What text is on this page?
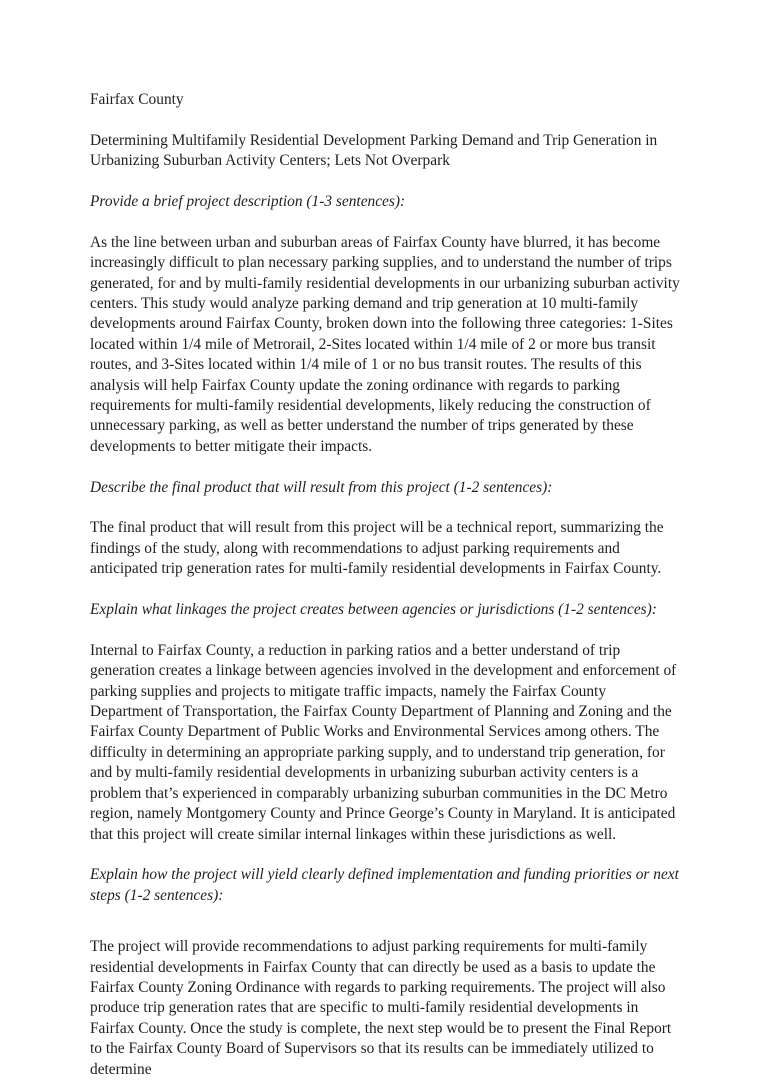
Fairfax County

Determining Multifamily Residential Development Parking Demand and Trip Generation in Urbanizing Suburban Activity Centers; Lets Not Overpark

Provide a brief project description (1-3 sentences):

As the line between urban and suburban areas of Fairfax County have blurred, it has become increasingly difficult to plan necessary parking supplies, and to understand the number of trips generated, for and by multi-family residential developments in our urbanizing suburban activity centers. This study would analyze parking demand and trip generation at 10 multi-family developments around Fairfax County, broken down into the following three categories: 1-Sites located within 1/4 mile of Metrorail, 2-Sites located within 1/4 mile of 2 or more bus transit routes, and 3-Sites located within 1/4 mile of 1 or no bus transit routes. The results of this analysis will help Fairfax County update the zoning ordinance with regards to parking requirements for multi-family residential developments, likely reducing the construction of unnecessary parking, as well as better understand the number of trips generated by these developments to better mitigate their impacts.

Describe the final product that will result from this project (1-2 sentences):

The final product that will result from this project will be a technical report, summarizing the findings of the study, along with recommendations to adjust parking requirements and anticipated trip generation rates for multi-family residential developments in Fairfax County.

Explain what linkages the project creates between agencies or jurisdictions (1-2 sentences):

Internal to Fairfax County, a reduction in parking ratios and a better understand of trip generation creates a linkage between agencies involved in the development and enforcement of parking supplies and projects to mitigate traffic impacts, namely the Fairfax County Department of Transportation, the Fairfax County Department of Planning and Zoning and the Fairfax County Department of Public Works and Environmental Services among others. The difficulty in determining an appropriate parking supply, and to understand trip generation, for and by multi-family residential developments in urbanizing suburban activity centers is a problem that’s experienced in comparably urbanizing suburban communities in the DC Metro region, namely Montgomery County and Prince George’s County in Maryland. It is anticipated that this project will create similar internal linkages within these jurisdictions as well.

Explain how the project will yield clearly defined implementation and funding priorities or next steps (1-2 sentences):

The project will provide recommendations to adjust parking requirements for multi-family residential developments in Fairfax County that can directly be used as a basis to update the Fairfax County Zoning Ordinance with regards to parking requirements. The project will also produce trip generation rates that are specific to multi-family residential developments in Fairfax County. Once the study is complete, the next step would be to present the Final Report to the Fairfax County Board of Supervisors so that its results can be immediately utilized to determine
